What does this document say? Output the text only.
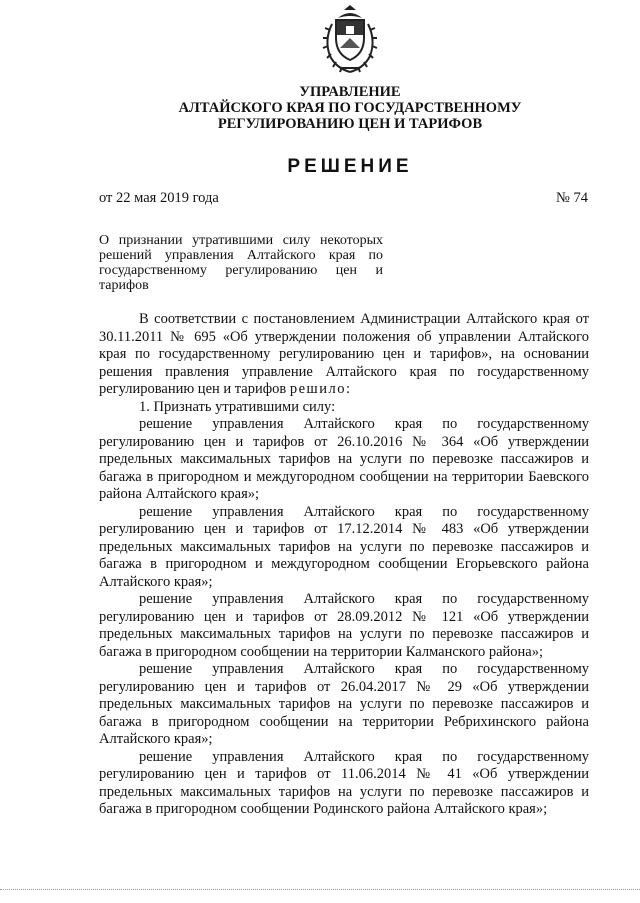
УПРАВЛЕНИЕ
АЛТАЙСКОГО КРАЯ ПО ГОСУДАРСТВЕННОМУ
РЕГУЛИРОВАНИЮ ЦЕН И ТАРИФОВ
РЕШЕНИЕ
от 22 мая 2019 года	№ 74
О признании утратившими силу некоторых решений управления Алтайского края по государственному регулированию цен и тарифов

В соответствии с постановлением Администрации Алтайского края от 30.11.2011 № 695 «Об утверждении положения об управлении Алтайского края по государственному регулированию цен и тарифов», на основании решения правления управление Алтайского края по государственному регулированию цен и тарифов решило:

1. Признать утратившими силу:

решение управления Алтайского края по государственному регулированию цен и тарифов от 26.10.2016 № 364 «Об утверждении предельных максимальных тарифов на услуги по перевозке пассажиров и багажа в пригородном и междугородном сообщении на территории Баевского района Алтайского края»;

решение управления Алтайского края по государственному регулированию цен и тарифов от 17.12.2014 № 483 «Об утверждении предельных максимальных тарифов на услуги по перевозке пассажиров и багажа в пригородном и междугородном сообщении Егорьевского района Алтайского края»;

решение управления Алтайского края по государственному регулированию цен и тарифов от 28.09.2012 № 121 «Об утверждении предельных максимальных тарифов на услуги по перевозке пассажиров и багажа в пригородном сообщении на территории Калманского района»;

решение управления Алтайского края по государственному регулированию цен и тарифов от 26.04.2017 № 29 «Об утверждении предельных максимальных тарифов на услуги по перевозке пассажиров и багажа в пригородном сообщении на территории Ребрихинского района Алтайского края»;

решение управления Алтайского края по государственному регулированию цен и тарифов от 11.06.2014 № 41 «Об утверждении предельных максимальных тарифов на услуги по перевозке пассажиров и багажа в пригородном сообщении Родинского района Алтайского края»;
